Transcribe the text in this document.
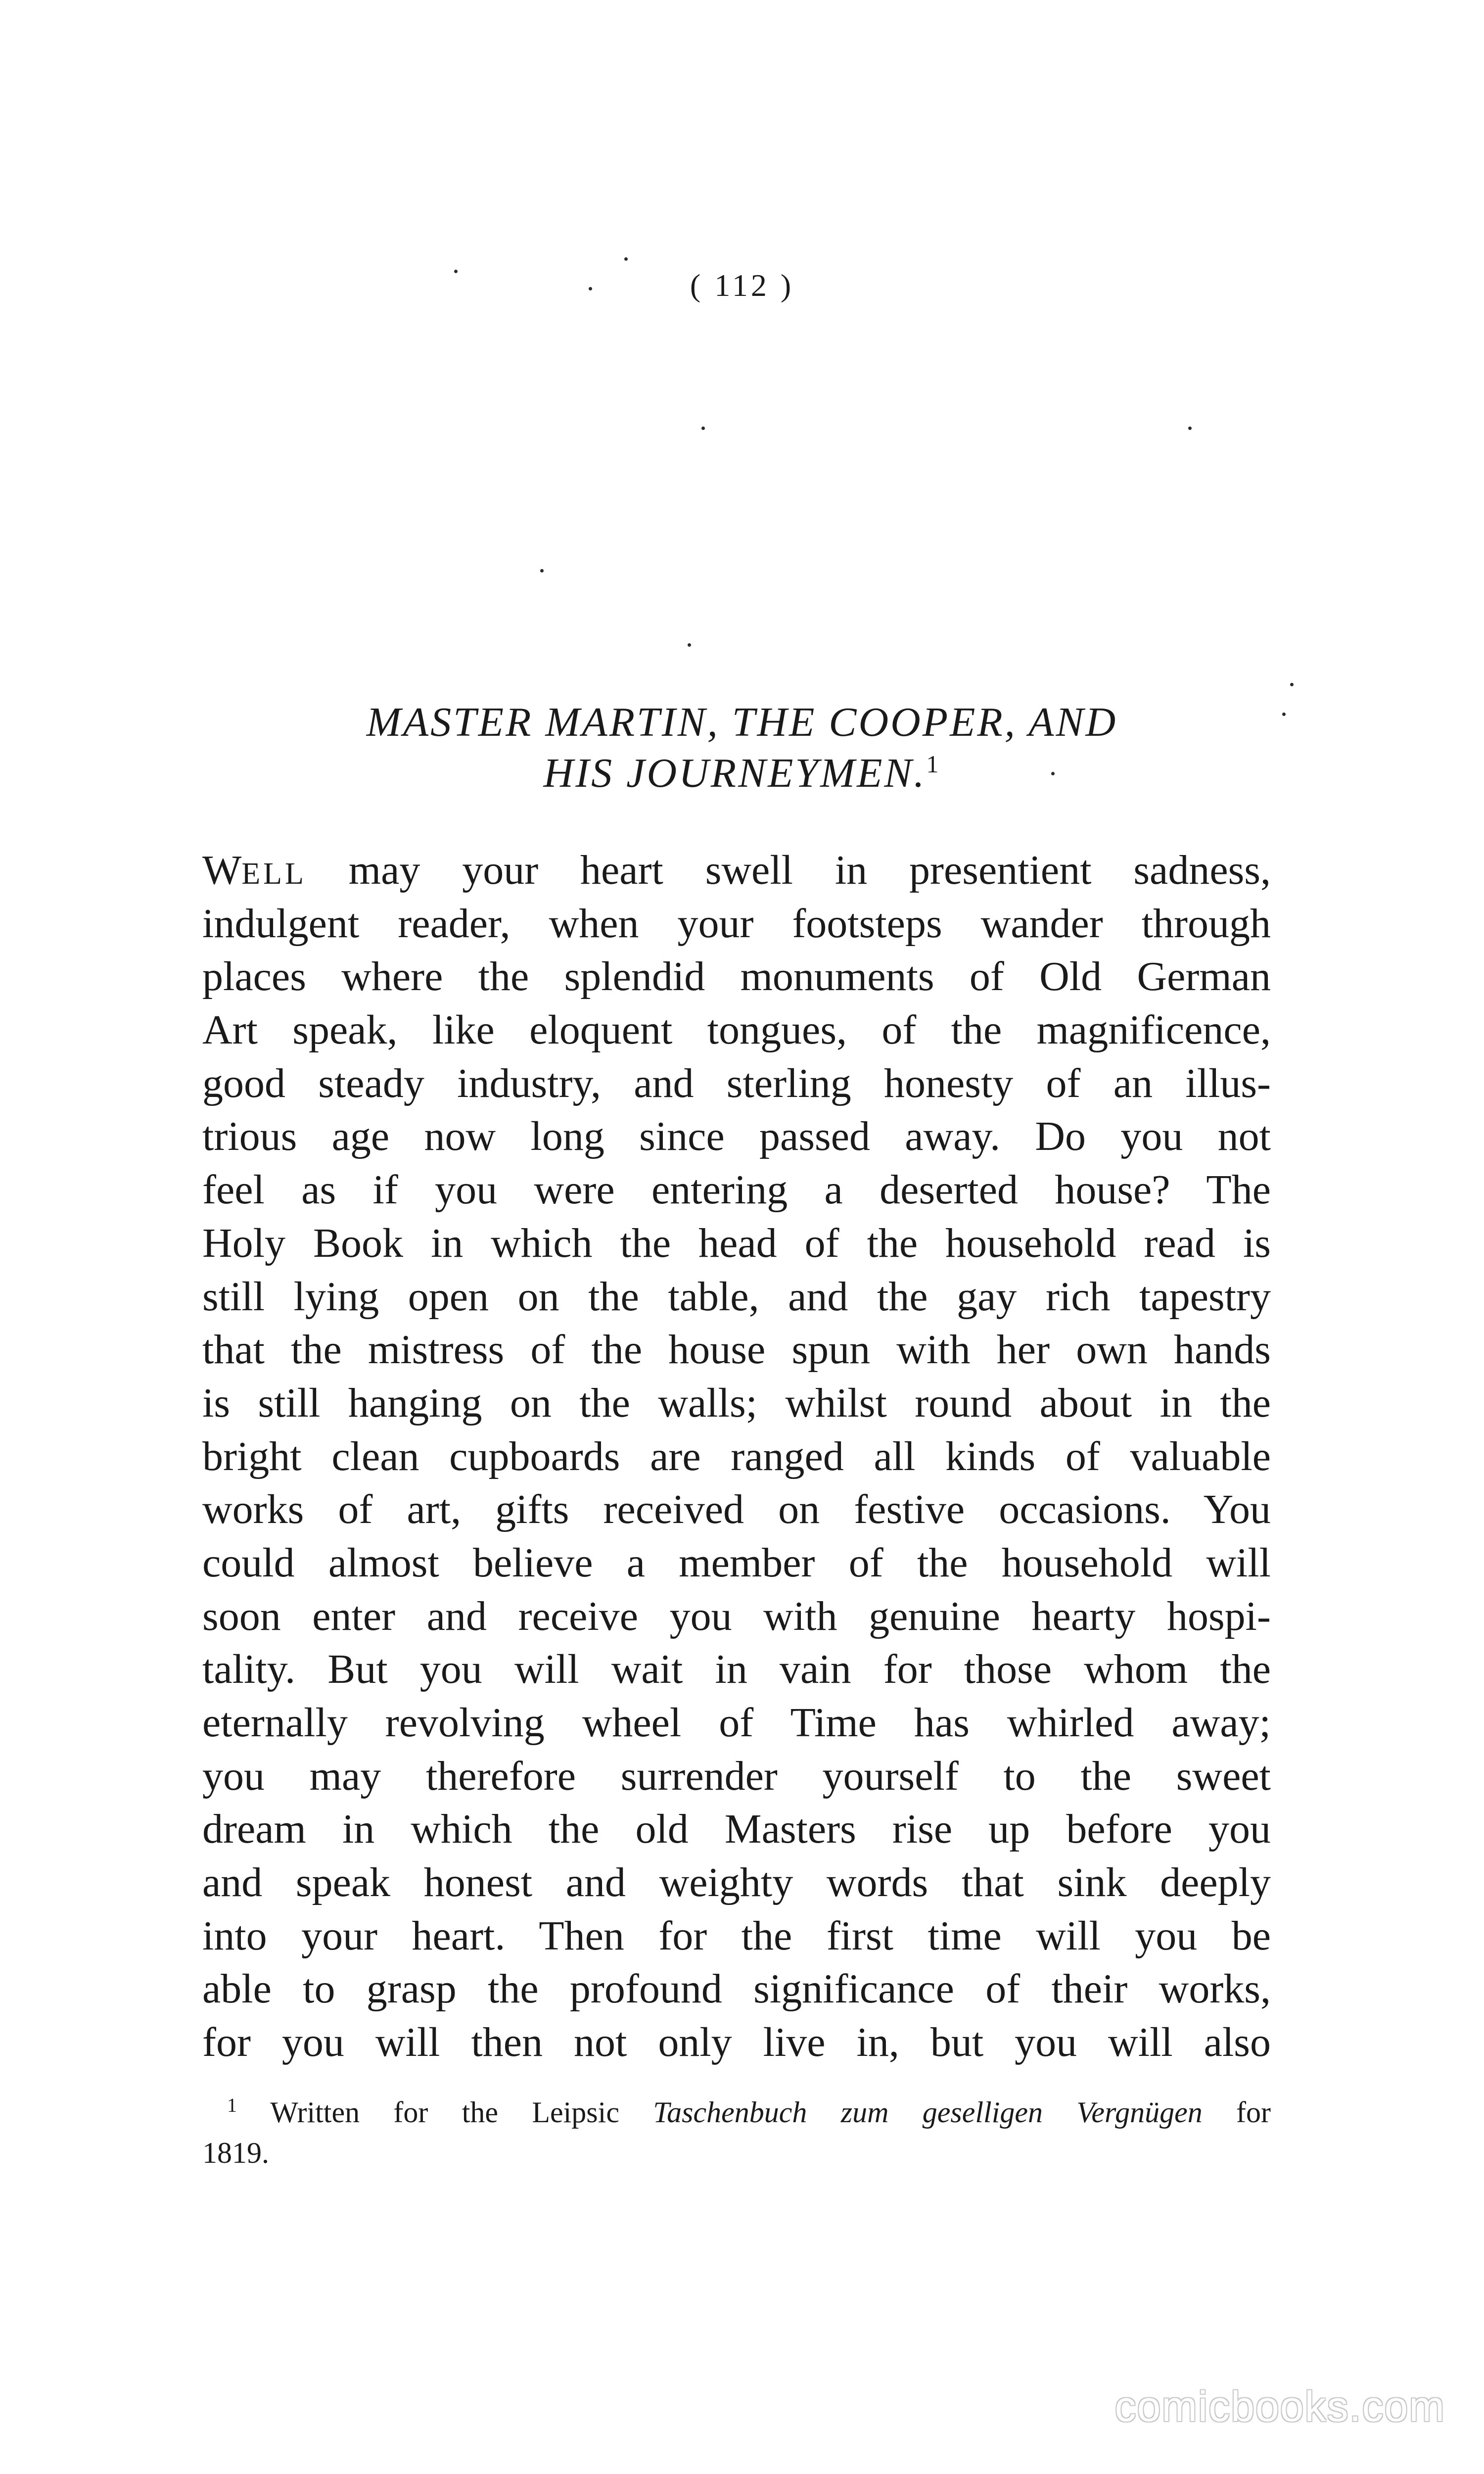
( 112 )
MASTER MARTIN, THE COOPER, AND
HIS JOURNEYMEN.$^1$
WELL may your heart swell in presentient sadness,
indulgent reader, when your footsteps wander through
places where the splendid monuments of Old German
Art speak, like eloquent tongues, of the magnificence,
good steady industry, and sterling honesty of an illus-
trious age now long since passed away. Do you not
feel as if you were entering a deserted house? The
Holy Book in which the head of the household read is
still lying open on the table, and the gay rich tapestry
that the mistress of the house spun with her own hands
is still hanging on the walls; whilst round about in the
bright clean cupboards are ranged all kinds of valuable
works of art, gifts received on festive occasions. You
could almost believe a member of the household will
soon enter and receive you with genuine hearty hospi-
tality. But you will wait in vain for those whom the
eternally revolving wheel of Time has whirled away;
you may therefore surrender yourself to the sweet
dream in which the old Masters rise up before you
and speak honest and weighty words that sink deeply
into your heart. Then for the first time will you be
able to grasp the profound significance of their works,
for you will then not only live in, but you will also
$^1$ Written for the Leipsic Taschenbuch zum geselligen Vergnügen for
1819.
comicbooks.com
